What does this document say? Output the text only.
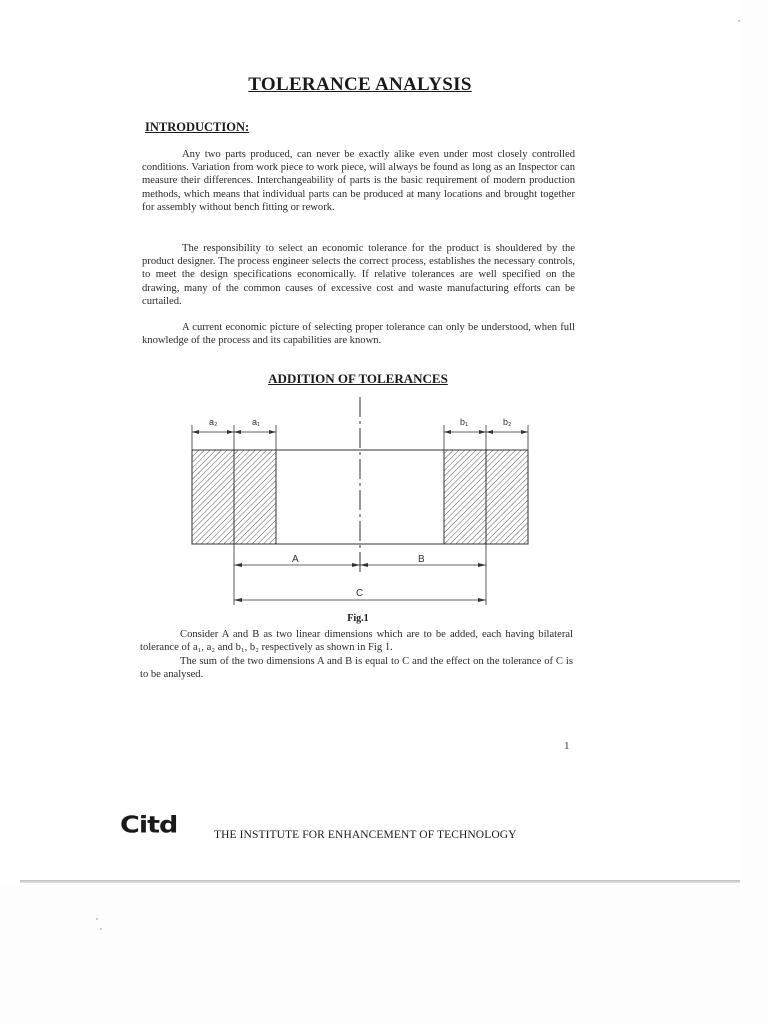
TOLERANCE ANALYSIS
INTRODUCTION:
Any two parts produced, can never be exactly alike even under most closely controlled conditions. Variation from work piece to work piece, will always be found as long as an Inspector can measure their differences. Interchangeability of parts is the basic requirement of modern production methods, which means that individual parts can be produced at many locations and brought together for assembly without bench fitting or rework.
The responsibility to select an economic tolerance for the product is shouldered by the product designer. The process engineer selects the correct process, establishes the necessary controls, to meet the design specifications economically. If relative tolerances are well specified on the drawing, many of the common causes of excessive cost and waste manufacturing efforts can be curtailed.
A current economic picture of selecting proper tolerance can only be understood, when full knowledge of the process and its capabilities are known.
ADDITION OF TOLERANCES
a₂	a₁	b₁	b₂
A	B
C
Fig.1
Consider A and B as two linear dimensions which are to be added, each having bilateral tolerance of a₁, a₂ and b₁, b₂ respectively as shown in Fig 1.
The sum of the two dimensions A and B is equal to C and the effect on the tolerance of C is to be analysed.
1
Citd	THE INSTITUTE FOR ENHANCEMENT OF TECHNOLOGY
